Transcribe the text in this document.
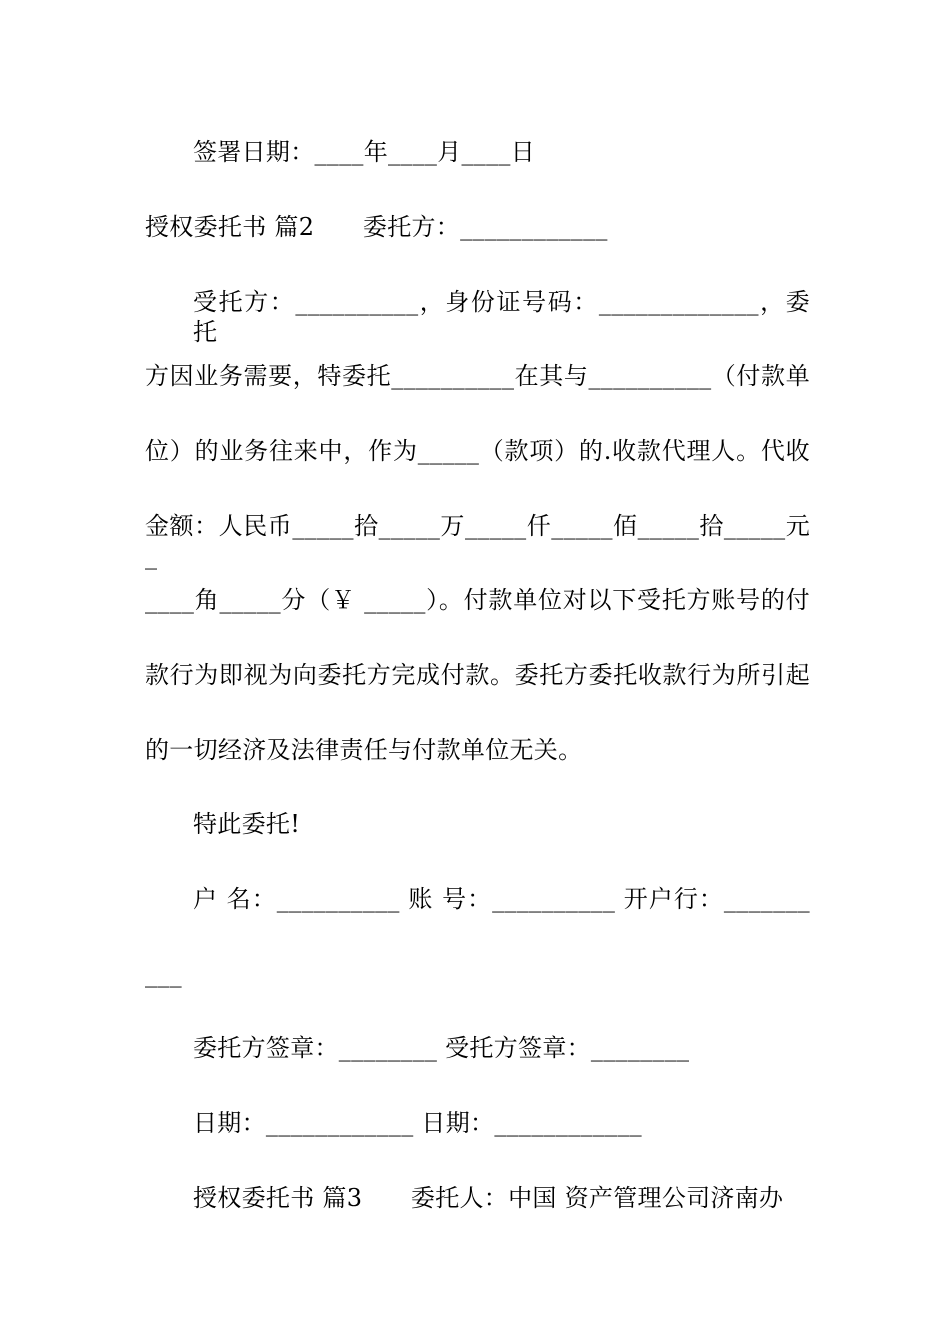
签署日期：____年____月____日
授权委托书 篇2　　委托方：____________
受托方：__________，身份证号码：_____________，委托
方因业务需要，特委托__________在其与__________（付款单
位）的业务往来中，作为_____（款项）的.收款代理人。代收
金额：人民币_____拾_____万_____仟_____佰_____拾_____元_
____角_____分（￥ _____）。付款单位对以下受托方账号的付
款行为即视为向委托方完成付款。委托方委托收款行为所引起
的一切经济及法律责任与付款单位无关。
特此委托!
户 名：__________ 账 号：__________ 开户行：_______
___
委托方签章：________ 受托方签章：________
日期：____________ 日期：____________
授权委托书 篇3　　委托人：中国 资产管理公司济南办
